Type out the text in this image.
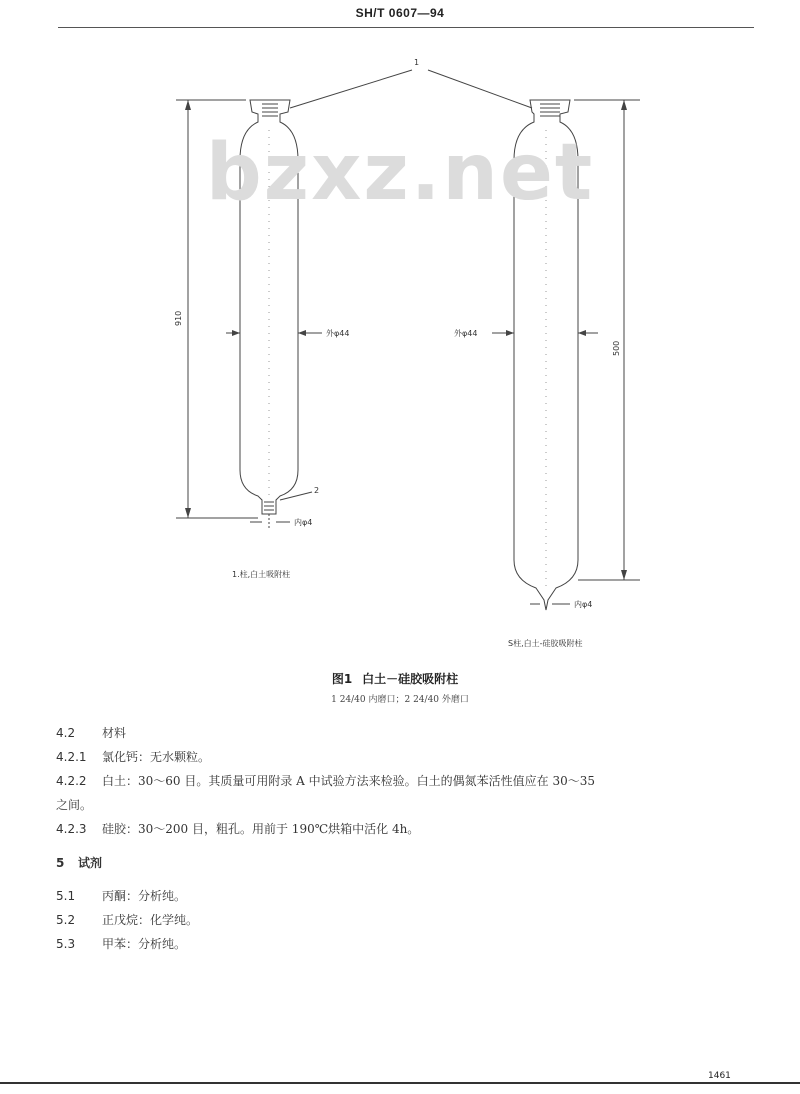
SH/T 0607—94
bzxz.net
1
2
910
500
外φ44	外φ44
内φ4
内φ4
1.柱,白土吸附柱
S柱,白土-硅胶吸附柱
图1 白土－硅胶吸附柱
1 24/40 内磨口；2 24/40 外磨口
4.2 材料
4.2.1 氯化钙：无水颗粒。
4.2.2 白土：30～60 目。其质量可用附录 A 中试验方法来检验。白土的偶氮苯活性值应在 30～35
之间。
4.2.3 硅胶：30～200 目，粗孔。用前于 190℃烘箱中活化 4h。
5 试剂
5.1 丙酮：分析纯。
5.2 正戊烷：化学纯。
5.3 甲苯：分析纯。
1461
